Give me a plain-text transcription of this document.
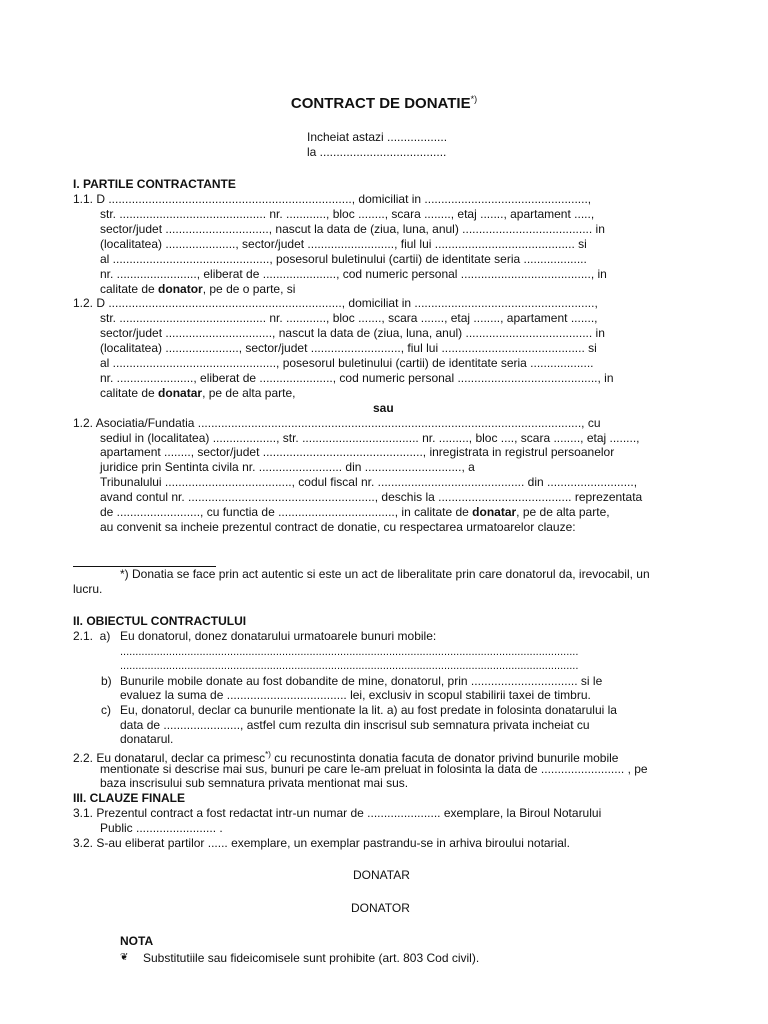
CONTRACT DE DONATIE*)
Incheiat astazi ..................
la ......................................
I. PARTILE CONTRACTANTE
1.1. D ........................................................................., domiciliat in .................................................,
str. ............................................ nr. ............, bloc ........, scara ........, etaj ......., apartament .....,
sector/judet ..............................., nascut la data de (ziua, luna, anul) ....................................... in
(localitatea) ....................., sector/judet .........................., fiul lui .......................................... si
al ..............................................., posesorul buletinului (cartii) de identitate seria ...................
nr. ........................, eliberat de ......................, cod numeric personal ......................................., in
calitate de donator, pe de o parte, si
1.2. D ......................................................................, domiciliat in ......................................................,
str. ............................................ nr. ............, bloc ......., scara ......., etaj ........, apartament .......,
sector/judet ................................, nascut la data de (ziua, luna, anul) ...................................... in
(localitatea) ......................, sector/judet ..........................., fiul lui ........................................... si
al ................................................., posesorul buletinului (cartii) de identitate seria ...................
nr. ......................., eliberat de ......................, cod numeric personal .........................................., in
calitate de donatar, pe de alta parte,
sau
1.2. Asociatia/Fundatia ..................................................................................................................., cu
sediul in (localitatea) ..................., str. ................................... nr. ........., bloc ...., scara ........, etaj ........,
apartament ........, sector/judet ................................................, inregistrata in registrul persoanelor
juridice prin Sentinta civila nr. ......................... din ............................., a
Tribunalului ......................................, codul fiscal nr. ............................................ din ..........................,
avand contul nr. ........................................................, deschis la ........................................ reprezentata
de ........................., cu functia de ..................................., in calitate de donatar, pe de alta parte,
au convenit sa incheie prezentul contract de donatie, cu respectarea urmatoarelor clauze:
*) Donatia se face prin act autentic si este un act de liberalitate prin care donatorul da, irevocabil, un
lucru.
II. OBIECTUL CONTRACTULUI
2.1.  a) Eu donatorul, donez donatarului urmatoarele bunuri mobile:
......................................................................................................................................................
......................................................................................................................................................
b) Bunurile mobile donate au fost dobandite de mine, donatorul, prin ................................ si le
evaluez la suma de .................................... lei, exclusiv in scopul stabilirii taxei de timbru.
c) Eu, donatorul, declar ca bunurile mentionate la lit. a) au fost predate in folosinta donatarului la
data de ......................., astfel cum rezulta din inscrisul sub semnatura privata incheiat cu
donatarul.
2.2. Eu donatarul, declar ca primesc*) cu recunostinta donatia facuta de donator privind bunurile mobile
mentionate si descrise mai sus, bunuri pe care le-am preluat in folosinta la data de ......................... , pe
baza inscrisului sub semnatura privata mentionat mai sus.
III. CLAUZE FINALE
3.1. Prezentul contract a fost redactat intr-un numar de ...................... exemplare, la Biroul Notarului
Public ........................ .
3.2. S-au eliberat partilor ...... exemplare, un exemplar pastrandu-se in arhiva biroului notarial.
DONATAR
DONATOR
NOTA
❦ Substitutiile sau fideicomisele sunt prohibite (art. 803 Cod civil).
